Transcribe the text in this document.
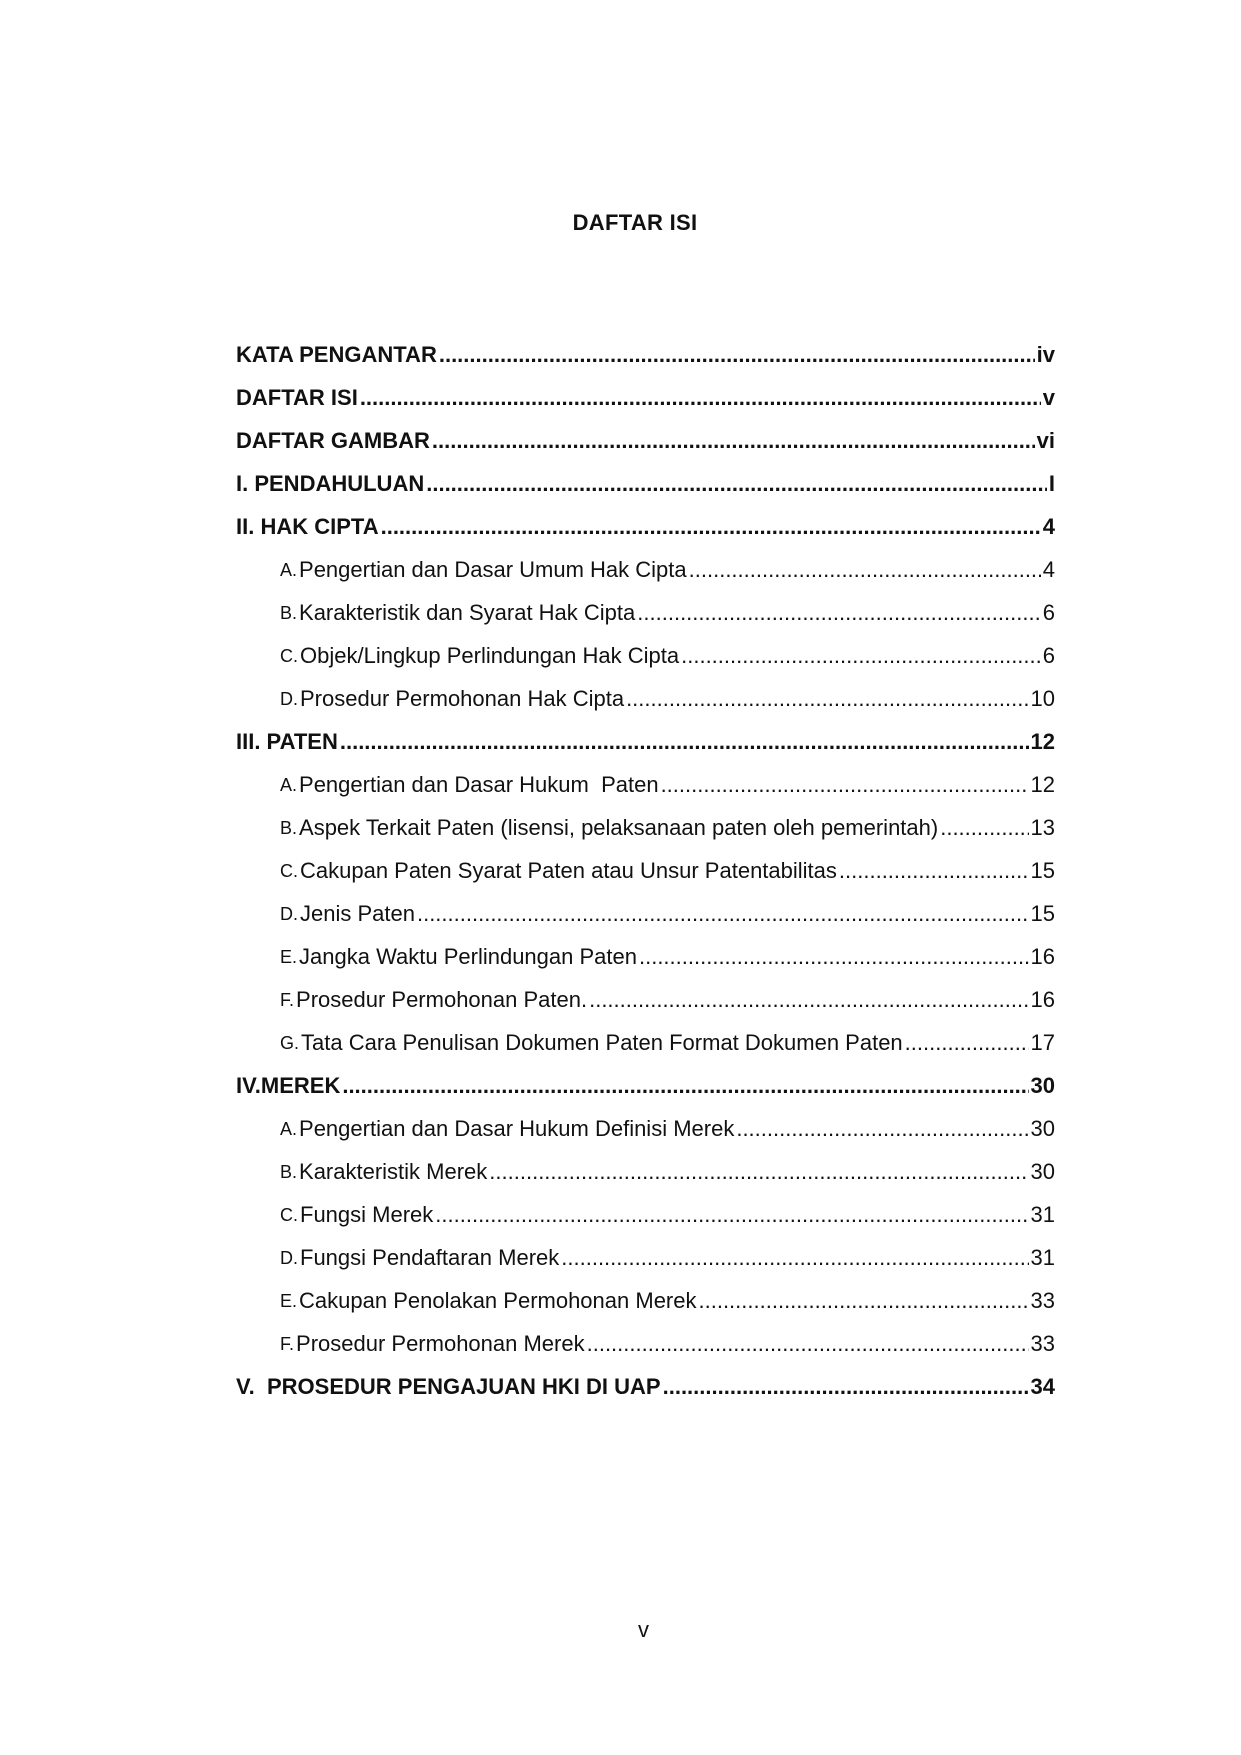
DAFTAR ISI
KATA PENGANTAR .....	iv
DAFTAR ISI .....	v
DAFTAR GAMBAR .....	vi
I. PENDAHULUAN .....	I
II. HAK CIPTA .....	4
A. Pengertian dan Dasar Umum Hak Cipta .....	4
B. Karakteristik dan Syarat Hak Cipta .....	6
C. Objek/Lingkup Perlindungan Hak Cipta .....	6
D. Prosedur Permohonan Hak Cipta .....	10
III. PATEN .....	12
A. Pengertian dan Dasar Hukum  Paten .....	12
B. Aspek Terkait Paten (lisensi, pelaksanaan paten oleh pemerintah) .....	13
C. Cakupan Paten Syarat Paten atau Unsur Patentabilitas .....	15
D. Jenis Paten .....	15
E. Jangka Waktu Perlindungan Paten .....	16
F. Prosedur Permohonan Paten. .....	16
G. Tata Cara Penulisan Dokumen Paten Format Dokumen Paten .....	17
IV.MEREK .....	30
A. Pengertian dan Dasar Hukum Definisi Merek .....	30
B. Karakteristik Merek .....	30
C. Fungsi Merek .....	31
D. Fungsi Pendaftaran Merek .....	31
E. Cakupan Penolakan Permohonan Merek .....	33
F. Prosedur Permohonan Merek .....	33
V.  PROSEDUR PENGAJUAN HKI DI UAP .....	34
v
